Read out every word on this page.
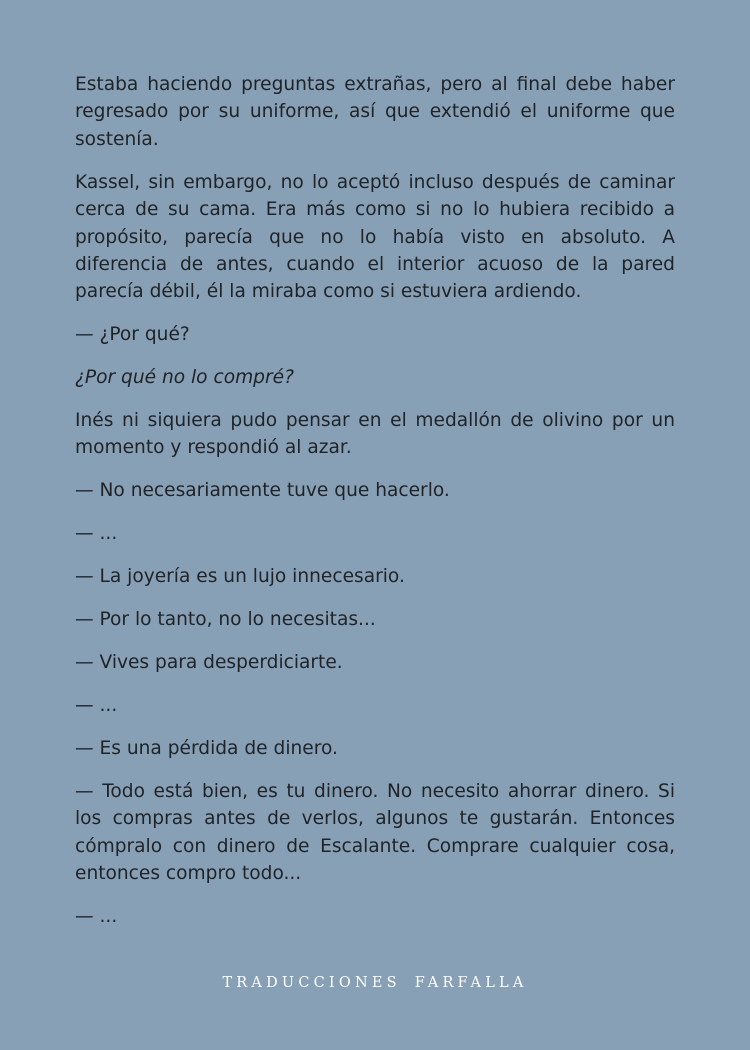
Estaba haciendo preguntas extrañas, pero al final debe haber regresado por su uniforme, así que extendió el uniforme que sostenía.

Kassel, sin embargo, no lo aceptó incluso después de caminar cerca de su cama. Era más como si no lo hubiera recibido a propósito, parecía que no lo había visto en absoluto. A diferencia de antes, cuando el interior acuoso de la pared parecía débil, él la miraba como si estuviera ardiendo.

— ¿Por qué?

¿Por qué no lo compré?

Inés ni siquiera pudo pensar en el medallón de olivino por un momento y respondió al azar.

— No necesariamente tuve que hacerlo.

— ...

— La joyería es un lujo innecesario.

— Por lo tanto, no lo necesitas...

— Vives para desperdiciarte.

— ...

— Es una pérdida de dinero.

— Todo está bien, es tu dinero. No necesito ahorrar dinero. Si los compras antes de verlos, algunos te gustarán. Entonces cómpralo con dinero de Escalante. Comprare cualquier cosa, entonces compro todo...

— ...

TRADUCCIONES FARFALLA
